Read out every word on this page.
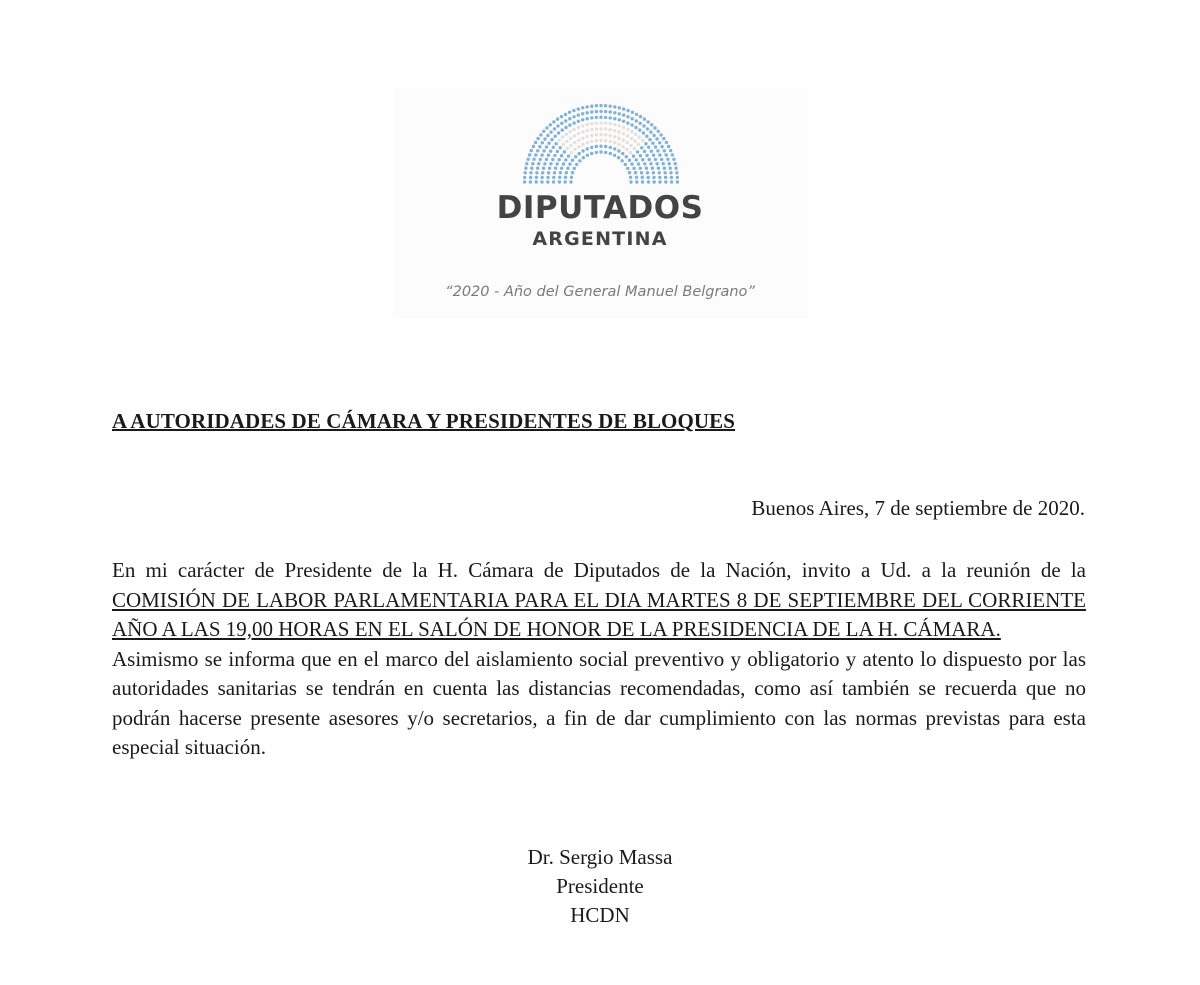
DIPUTADOS
ARGENTINA
“2020 - Año del General Manuel Belgrano”
A AUTORIDADES DE CÁMARA Y PRESIDENTES DE BLOQUES
Buenos Aires, 7 de septiembre de 2020.

En mi carácter de Presidente de la H. Cámara de Diputados de la Nación, invito a Ud. a la reunión de la COMISIÓN DE LABOR PARLAMENTARIA PARA EL DIA MARTES 8 DE SEPTIEMBRE DEL CORRIENTE AÑO A LAS 19,00 HORAS EN EL SALÓN DE HONOR DE LA PRESIDENCIA DE LA H. CÁMARA.

Asimismo se informa que en el marco del aislamiento social preventivo y obligatorio y atento lo dispuesto por las autoridades sanitarias se tendrán en cuenta las distancias recomendadas, como así también se recuerda que no podrán hacerse presente asesores y/o secretarios, a fin de dar cumplimiento con las normas previstas para esta especial situación.

Dr. Sergio Massa
Presidente
HCDN
